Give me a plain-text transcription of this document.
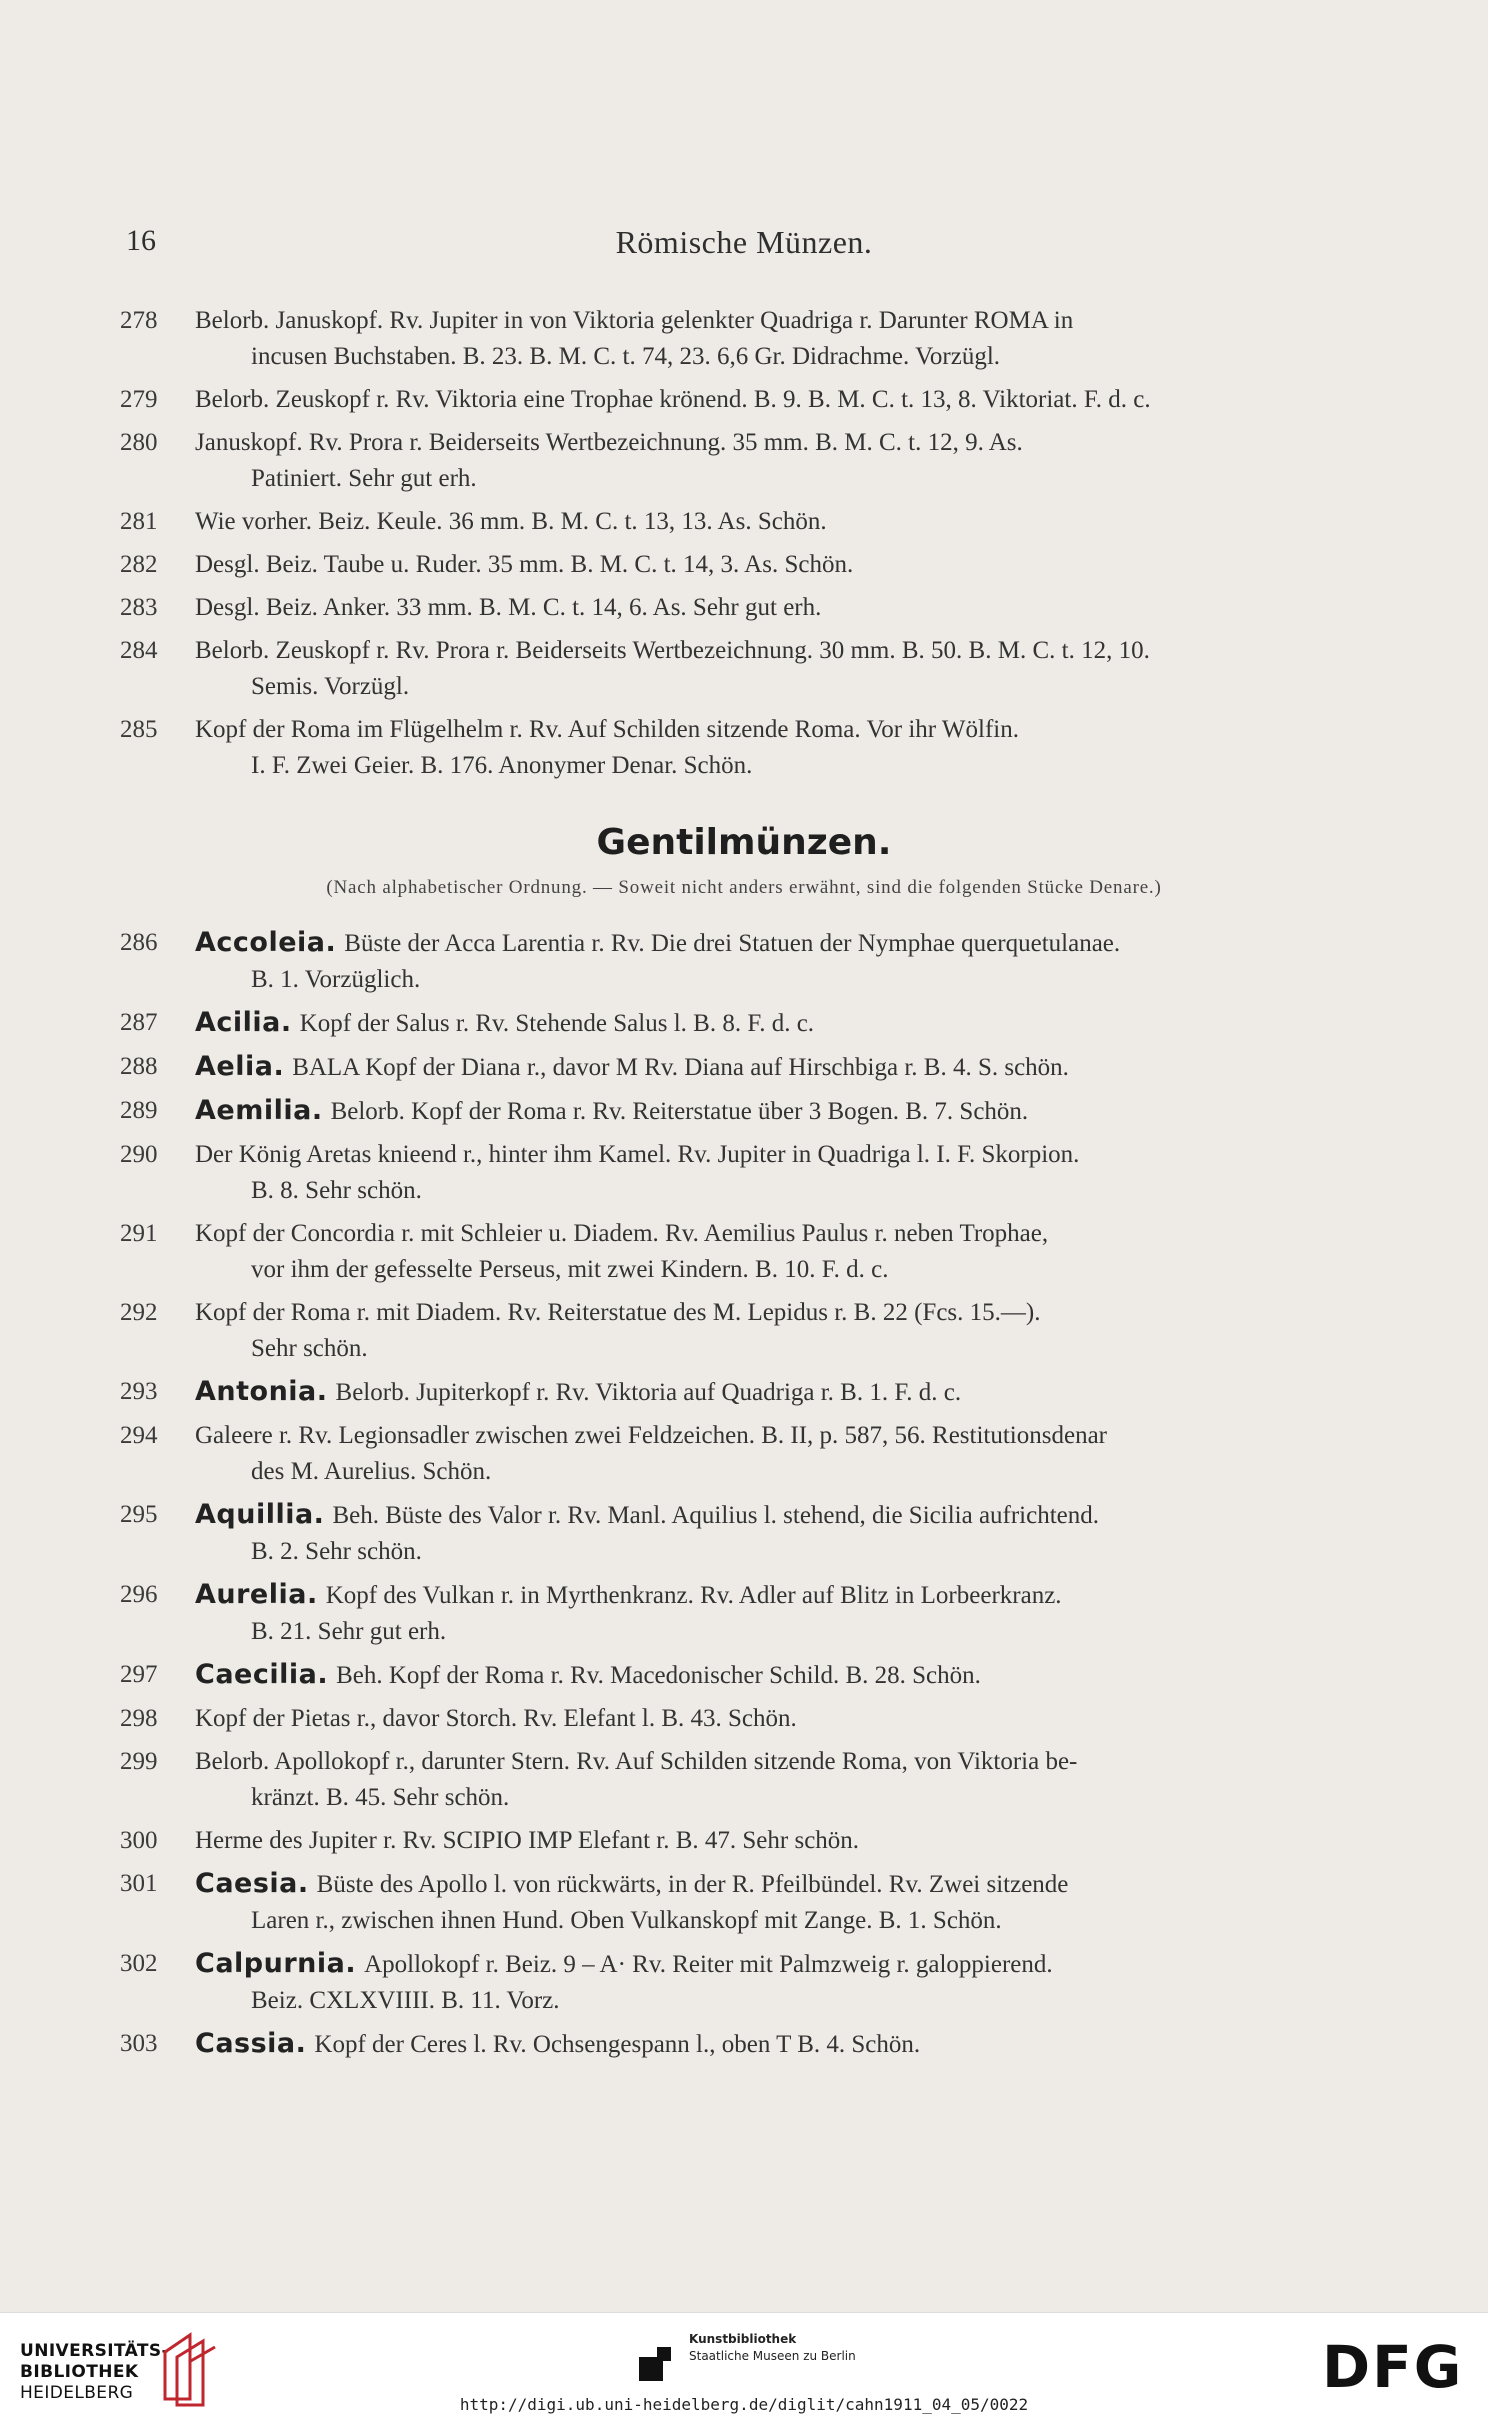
16	Römische Münzen.
278	Belorb. Januskopf. Rv. Jupiter in von Viktoria gelenkter Quadriga r. Darunter ROMA in
incusen Buchstaben. B. 23. B. M. C. t. 74, 23. 6,6 Gr. Didrachme. Vorzügl.
279	Belorb. Zeuskopf r. Rv. Viktoria eine Trophae krönend. B. 9. B. M. C. t. 13, 8. Viktoriat. F. d. c.
280	Januskopf. Rv. Prora r. Beiderseits Wertbezeichnung. 35 mm. B. M. C. t. 12, 9. As.
Patiniert. Sehr gut erh.
281	Wie vorher. Beiz. Keule. 36 mm. B. M. C. t. 13, 13. As. Schön.
282	Desgl. Beiz. Taube u. Ruder. 35 mm. B. M. C. t. 14, 3. As. Schön.
283	Desgl. Beiz. Anker. 33 mm. B. M. C. t. 14, 6. As. Sehr gut erh.
284	Belorb. Zeuskopf r. Rv. Prora r. Beiderseits Wertbezeichnung. 30 mm. B. 50. B. M. C. t. 12, 10.
Semis. Vorzügl.
285	Kopf der Roma im Flügelhelm r. Rv. Auf Schilden sitzende Roma. Vor ihr Wölfin.
I. F. Zwei Geier. B. 176. Anonymer Denar. Schön.
Gentilmünzen.
(Nach alphabetischer Ordnung. — Soweit nicht anders erwähnt, sind die folgenden Stücke Denare.)
286	Accoleia. Büste der Acca Larentia r. Rv. Die drei Statuen der Nymphae querquetulanae.
B. 1. Vorzüglich.
287	Acilia. Kopf der Salus r. Rv. Stehende Salus l. B. 8. F. d. c.
288	Aelia. BALA Kopf der Diana r., davor M Rv. Diana auf Hirschbiga r. B. 4. S. schön.
289	Aemilia. Belorb. Kopf der Roma r. Rv. Reiterstatue über 3 Bogen. B. 7. Schön.
290	Der König Aretas knieend r., hinter ihm Kamel. Rv. Jupiter in Quadriga l. I. F. Skorpion.
B. 8. Sehr schön.
291	Kopf der Concordia r. mit Schleier u. Diadem. Rv. Aemilius Paulus r. neben Trophae,
vor ihm der gefesselte Perseus, mit zwei Kindern. B. 10. F. d. c.
292	Kopf der Roma r. mit Diadem. Rv. Reiterstatue des M. Lepidus r. B. 22 (Fcs. 15.—).
Sehr schön.
293	Antonia. Belorb. Jupiterkopf r. Rv. Viktoria auf Quadriga r. B. 1. F. d. c.
294	Galeere r. Rv. Legionsadler zwischen zwei Feldzeichen. B. II, p. 587, 56. Restitutionsdenar
des M. Aurelius. Schön.
295	Aquillia. Beh. Büste des Valor r. Rv. Manl. Aquilius l. stehend, die Sicilia aufrichtend.
B. 2. Sehr schön.
296	Aurelia. Kopf des Vulkan r. in Myrthenkranz. Rv. Adler auf Blitz in Lorbeerkranz.
B. 21. Sehr gut erh.
297	Caecilia. Beh. Kopf der Roma r. Rv. Macedonischer Schild. B. 28. Schön.
298	Kopf der Pietas r., davor Storch. Rv. Elefant l. B. 43. Schön.
299	Belorb. Apollokopf r., darunter Stern. Rv. Auf Schilden sitzende Roma, von Viktoria be-
kränzt. B. 45. Sehr schön.
300	Herme des Jupiter r. Rv. SCIPIO IMP Elefant r. B. 47. Sehr schön.
301	Caesia. Büste des Apollo l. von rückwärts, in der R. Pfeilbündel. Rv. Zwei sitzende
Laren r., zwischen ihnen Hund. Oben Vulkanskopf mit Zange. B. 1. Schön.
302	Calpurnia. Apollokopf r. Beiz. 9 – A· Rv. Reiter mit Palmzweig r. galoppierend.
Beiz. CXLXVIIII. B. 11. Vorz.
303	Cassia. Kopf der Ceres l. Rv. Ochsengespann l., oben T B. 4. Schön.
UNIVERSITÄTS-
BIBLIOTHEK
HEIDELBERG
Kunstbibliothek
Staatliche Museen zu Berlin	DFG
http://digi.ub.uni-heidelberg.de/diglit/cahn1911_04_05/0022
